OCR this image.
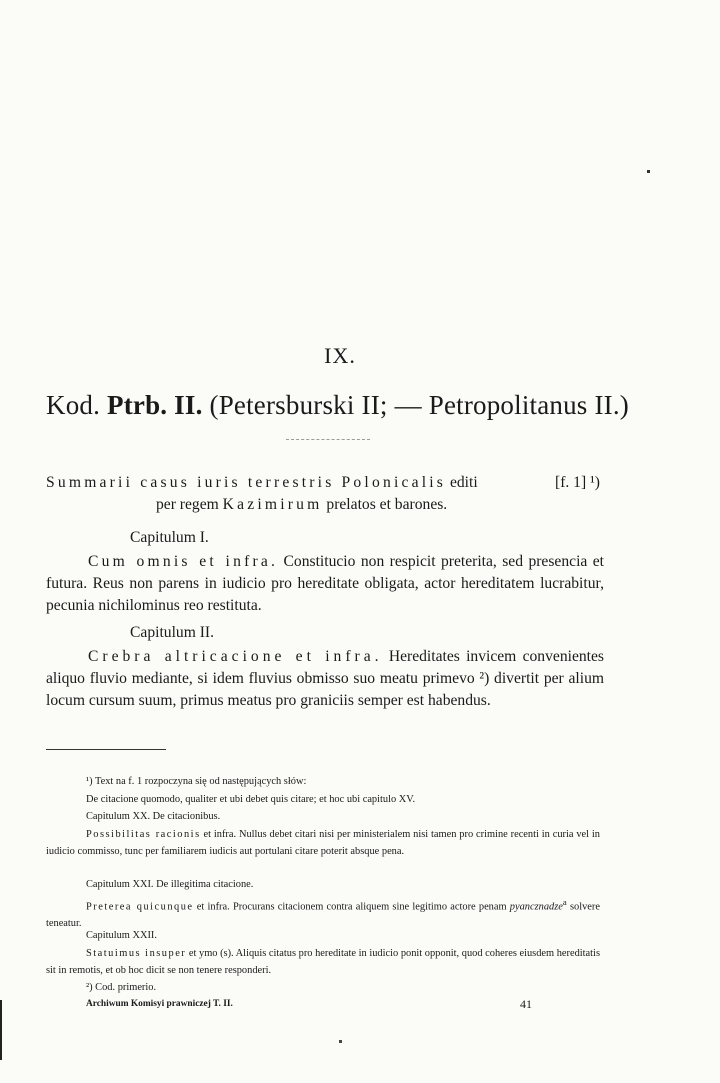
IX.
Kod. Ptrb. II. (Petersburski II; — Petropolitanus II.)
Summarii casus iuris terrestris Polonicalis editi	[f. 1] ¹)
per regem Kazimirum prelatos et barones.
Capitulum I.
Cum omnis et infra. Constitucio non respicit preterita, sed presencia et futura. Reus non parens in iudicio pro hereditate obligata, actor hereditatem lucrabitur, pecunia nichilominus reo restituta.
Capitulum II.
Crebra altricacione et infra. Hereditates invicem convenientes aliquo fluvio mediante, si idem fluvius obmisso suo meatu primevo ²) divertit per alium locum cursum suum, primus meatus pro graniciis semper est habendus.
¹) Text na f. 1 rozpoczyna się od następujących słów:
De citacione quomodo, qualiter et ubi debet quis citare; et hoc ubi capitulo XV.
Capitulum XX. De citacionibus.
Possibilitas racionis et infra. Nullus debet citari nisi per ministerialem nisi tamen pro crimine recenti in curia vel in iudicio commisso, tunc per familiarem iudicis aut portulani citare poterit absque pena.
Capitulum XXI. De illegitima citacione.
Preterea quicunque et infra. Procurans citacionem contra aliquem sine legitimo actore penam pyancznadze$^a$ solvere teneatur.
Capitulum XXII.
Statuimus insuper et ymo (s). Aliquis citatus pro hereditate in iudicio ponit opponit, quod coheres eiusdem hereditatis sit in remotis, et ob hoc dicit se non tenere responderi.
²) Cod. primerio.
Archiwum Komisyi prawniczej T. II.	41
